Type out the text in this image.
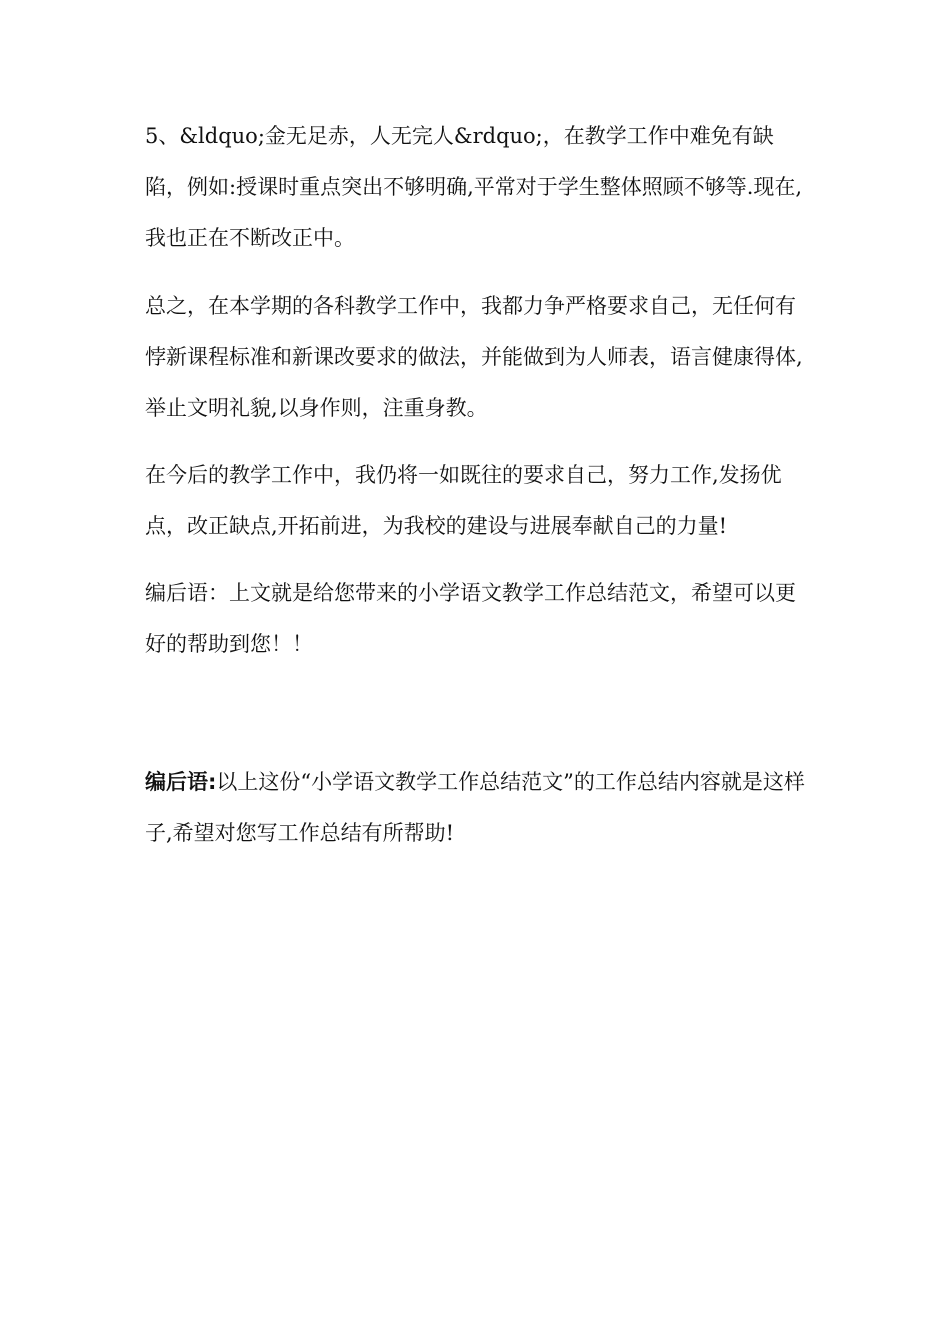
5、&ldquo;金无足赤，人无完人&rdquo;，在教学工作中难免有缺陷，例如:授课时重点突出不够明确,平常对于学生整体照顾不够等.现在,我也正在不断改正中。

总之，在本学期的各科教学工作中，我都力争严格要求自己，无任何有悖新课程标准和新课改要求的做法，并能做到为人师表，语言健康得体,举止文明礼貌,以身作则，注重身教。

在今后的教学工作中，我仍将一如既往的要求自己，努力工作,发扬优点，改正缺点,开拓前进，为我校的建设与进展奉献自己的力量!

编后语：上文就是给您带来的小学语文教学工作总结范文，希望可以更好的帮助到您！！

编后语:以上这份“小学语文教学工作总结范文”的工作总结内容就是这样子,希望对您写工作总结有所帮助!
